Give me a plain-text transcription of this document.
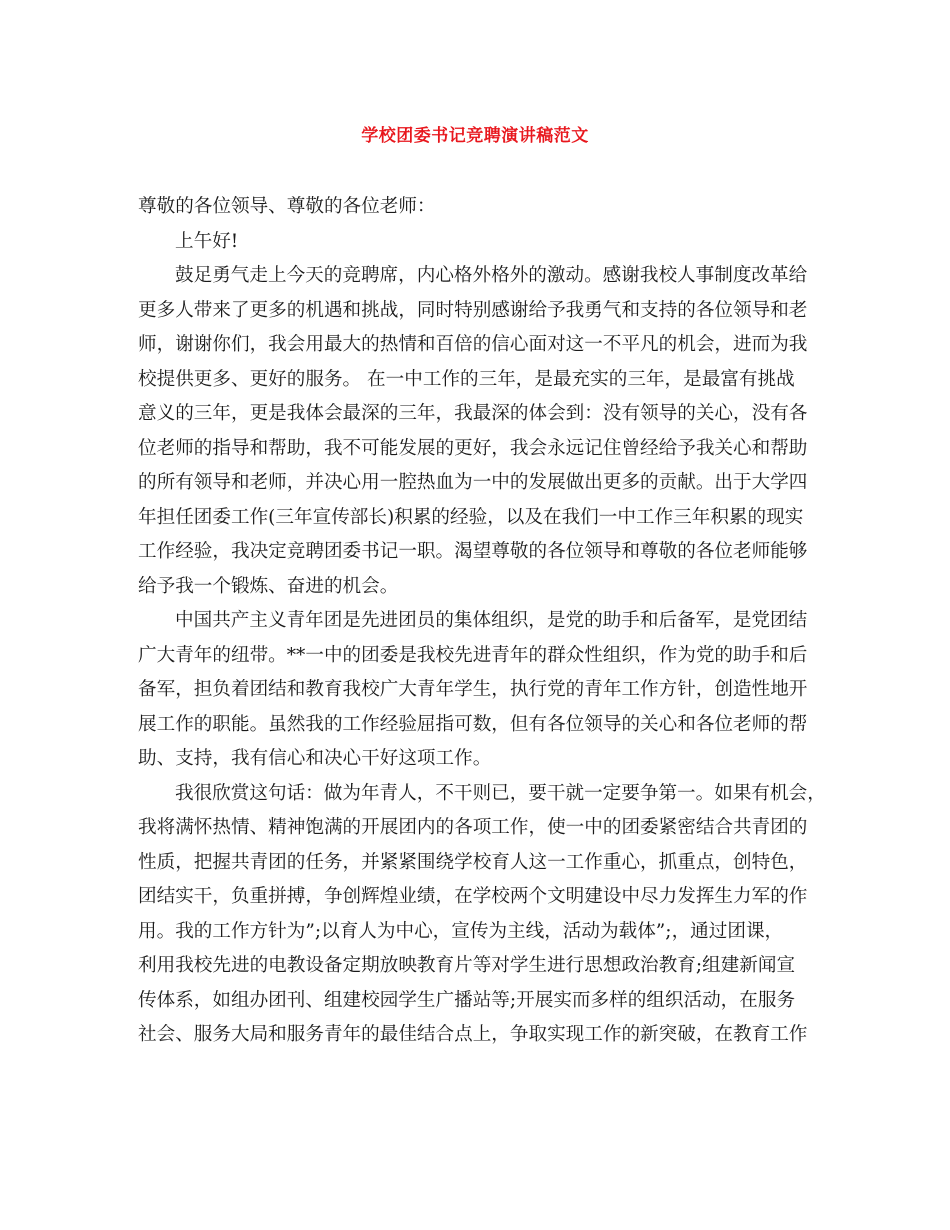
学校团委书记竞聘演讲稿范文
尊敬的各位领导、尊敬的各位老师：
上午好!
鼓足勇气走上今天的竞聘席，内心格外格外的激动。感谢我校人事制度改革给
更多人带来了更多的机遇和挑战，同时特别感谢给予我勇气和支持的各位领导和老
师，谢谢你们，我会用最大的热情和百倍的信心面对这一不平凡的机会，进而为我
校提供更多、更好的服务。 在一中工作的三年，是最充实的三年，是最富有挑战
意义的三年，更是我体会最深的三年，我最深的体会到：没有领导的关心，没有各
位老师的指导和帮助，我不可能发展的更好，我会永远记住曾经给予我关心和帮助
的所有领导和老师，并决心用一腔热血为一中的发展做出更多的贡献。出于大学四
年担任团委工作(三年宣传部长)积累的经验，以及在我们一中工作三年积累的现实
工作经验，我决定竞聘团委书记一职。渴望尊敬的各位领导和尊敬的各位老师能够
给予我一个锻炼、奋进的机会。
中国共产主义青年团是先进团员的集体组织，是党的助手和后备军，是党团结
广大青年的纽带。**一中的团委是我校先进青年的群众性组织，作为党的助手和后
备军，担负着团结和教育我校广大青年学生，执行党的青年工作方针，创造性地开
展工作的职能。虽然我的工作经验屈指可数，但有各位领导的关心和各位老师的帮
助、支持，我有信心和决心干好这项工作。
我很欣赏这句话：做为年青人，不干则已，要干就一定要争第一。如果有机会，
我将满怀热情、精神饱满的开展团内的各项工作，使一中的团委紧密结合共青团的
性质，把握共青团的任务，并紧紧围绕学校育人这一工作重心，抓重点，创特色，
团结实干，负重拼搏，争创辉煌业绩，在学校两个文明建设中尽力发挥生力军的作
用。我的工作方针为”;以育人为中心，宣传为主线，活动为载体”;，通过团课，
利用我校先进的电教设备定期放映教育片等对学生进行思想政治教育;组建新闻宣
传体系，如组办团刊、组建校园学生广播站等;开展实而多样的组织活动，在服务
社会、服务大局和服务青年的最佳结合点上，争取实现工作的新突破，在教育工作
